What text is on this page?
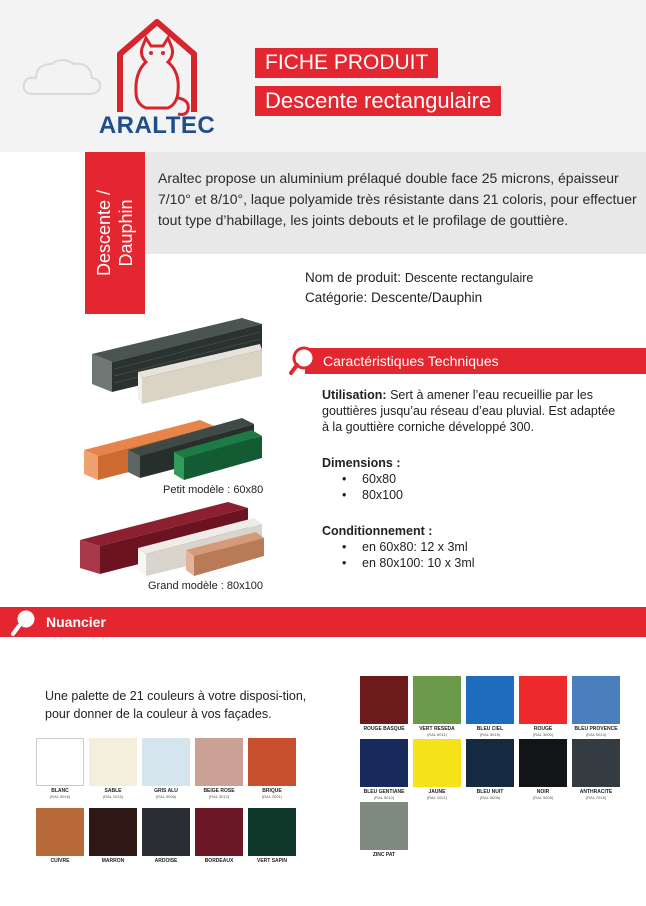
ARALTEC
FICHE PRODUIT
Descente rectangulaire
Descente / Dauphin
Araltec propose un aluminium prélaqué double face 25 microns, épaisseur 7/10° et 8/10°, laque polyamide très résistante dans 21 coloris, pour effectuer tout type d’habillage, les joints debouts et le profilage de gouttière.
Nom de produit: Descente rectangulaire
Catégorie: Descente/Dauphin
Petit modèle : 60x80
Grand modèle : 80x100
Caractéristiques Techniques
Utilisation: Sert à amener l’eau recueillie par les gouttières jusqu’au réseau d’eau pluvial. Est adaptée à la gouttière corniche développé 300.
Dimensions :
• 60x80
• 80x100
Conditionnement :
• en 60x80: 12 x 3ml
• en 80x100: 10 x 3ml
Nuancier
Une palette de 21 couleurs à votre disposi-tion, pour donner de la couleur à vos façades.
BLANC
(RAL 9016)
SABLE
(RAL 1015)
GRIS ALU
(RAL 9006)
BEIGE ROSE
(RAL 3012)
BRIQUE
(RAL 2001)
CUIVRE	MARRON	ARDOISE	BORDEAUX	VERT SAPIN
ROUGE BASQUE	VERT RESEDA
(RAL 6011)
BLEU CIEL
(RAL 5015)
ROUGE
(RAL 3000)
BLEU PROVENCE
(RAL 5014)
BLEU GENTIANE
(RAL 5010)
JAUNE
(RAL 1021)
BLEU NUIT
(RAL 5008)
NOIR
(RAL 9005)
ANTHRACITE
(RAL 7016)
ZINC PAT
